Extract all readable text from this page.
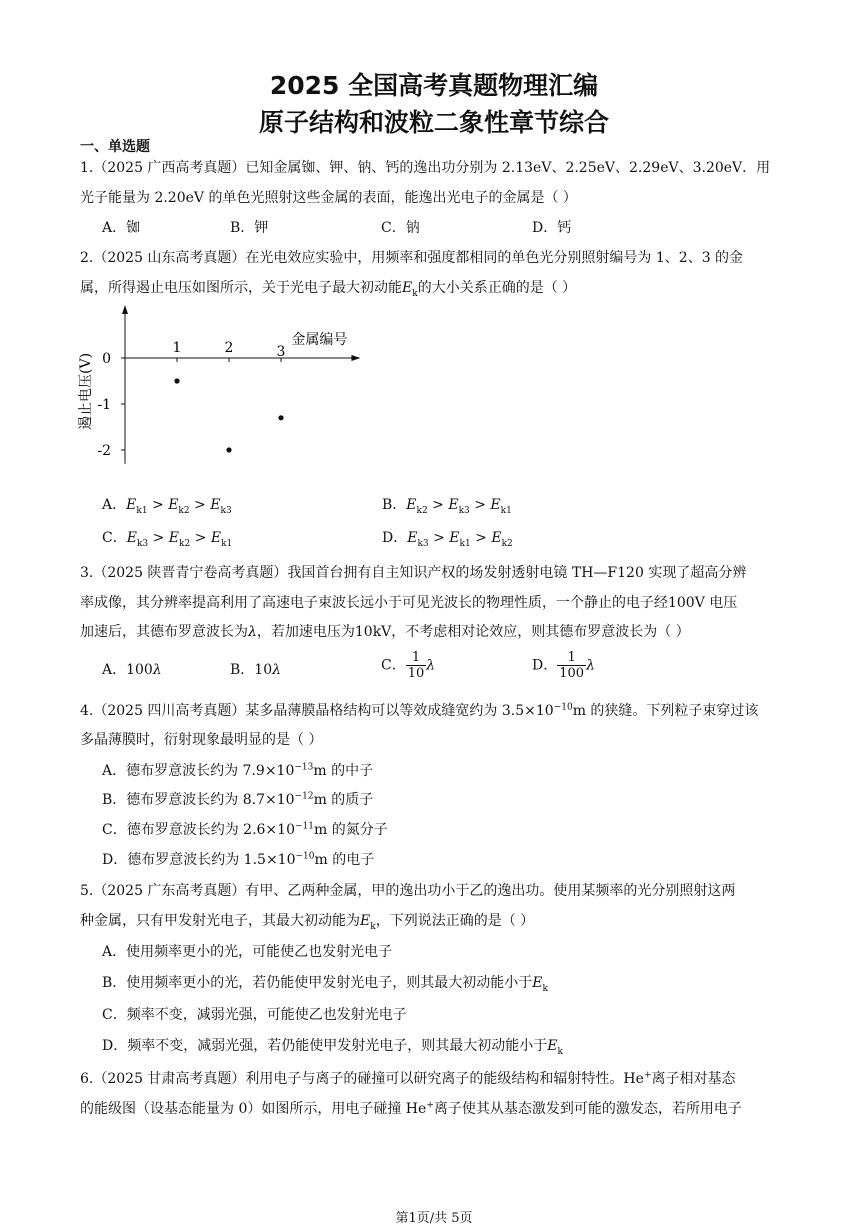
2025 全国高考真题物理汇编
原子结构和波粒二象性章节综合
一、单选题
1.（2025 广西高考真题）已知金属铷、钾、钠、钙的逸出功分别为 2.13eV、2.25eV、2.29eV、3.20eV．用
光子能量为 2.20eV 的单色光照射这些金属的表面，能逸出光电子的金属是（ ）
A．铷	B．钾	C．钠	D．钙
2.（2025 山东高考真题）在光电效应实验中，用频率和强度都相同的单色光分别照射编号为 1、2、3 的金
属，所得遏止电压如图所示，关于光电子最大初动能$E_k$的大小关系正确的是（ ）
金属编号
遏止电压(V) 0
-1
-2
1	2	3
A．$E_{k1} > E_{k2} > E_{k3}$	B．$E_{k2} > E_{k3} > E_{k1}$
C．$E_{k3} > E_{k2} > E_{k1}$	D．$E_{k3} > E_{k1} > E_{k2}$
3.（2025 陕晋青宁卷高考真题）我国首台拥有自主知识产权的场发射透射电镜 TH—F120 实现了超高分辨
率成像，其分辨率提高利用了高速电子束波长远小于可见光波长的物理性质，一个静止的电子经100V 电压
加速后，其德布罗意波长为λ，若加速电压为10kV，不考虑相对论效应，则其德布罗意波长为（ ）
A．100λ	B．10λ	C． $\frac{1}{10}$ λ	D． $\frac{1}{100}$ λ
4.（2025 四川高考真题）某多晶薄膜晶格结构可以等效成缝宽约为 $3.5\times 10^{-10}m$ 的狭缝。下列粒子束穿过该
多晶薄膜时，衍射现象最明显的是（ ）
A．德布罗意波长约为 $7.9\times 10^{-13}m$ 的中子
B．德布罗意波长约为 $8.7\times 10^{-12}m$ 的质子
C．德布罗意波长约为 $2.6\times 10^{-11}m$ 的氮分子
D．德布罗意波长约为 $1.5\times 10^{-10}m$ 的电子
5.（2025 广东高考真题）有甲、乙两种金属，甲的逸出功小于乙的逸出功。使用某频率的光分别照射这两
种金属，只有甲发射光电子，其最大初动能为$E_k$，下列说法正确的是（ ）
A．使用频率更小的光，可能使乙也发射光电子
B．使用频率更小的光，若仍能使甲发射光电子，则其最大初动能小于$E_k$
C．频率不变，减弱光强，可能使乙也发射光电子
D．频率不变，减弱光强，若仍能使甲发射光电子，则其最大初动能小于$E_k$
6.（2025 甘肃高考真题）利用电子与离子的碰撞可以研究离子的能级结构和辐射特性。He+离子相对基态
的能级图（设基态能量为 0）如图所示，用电子碰撞 He+离子使其从基态激发到可能的激发态，若所用电子
第1页/共 5页
